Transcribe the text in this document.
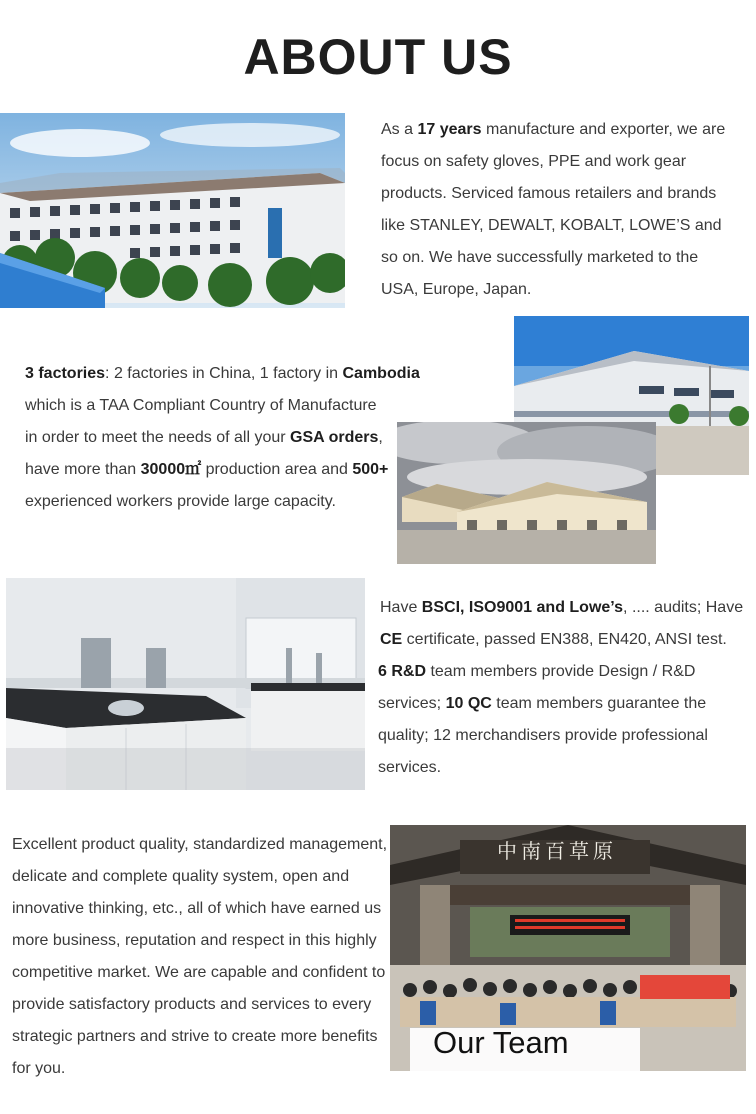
ABOUT US
As a 17 years manufacture and exporter, we are
focus on safety gloves, PPE and work gear
products. Serviced famous retailers and brands
like STANLEY, DEWALT, KOBALT, LOWE’S and
so on. We have successfully marketed to the
USA, Europe, Japan.
3 factories: 2 factories in China, 1 factory in Cambodia
which is a TAA Compliant Country of Manufacture
in order to meet the needs of all your GSA orders,
have more than 30000㎡ production area and 500+
experienced workers provide large capacity.
Have BSCI, ISO9001 and Lowe’s, .... audits; Have
CE certificate, passed EN388, EN420, ANSI test.
6 R&D team members provide Design / R&D
services; 10 QC team members guarantee the
quality; 12 merchandisers provide professional
services.
Excellent product quality, standardized management,
delicate and complete quality system, open and
innovative thinking, etc., all of which have earned us
more business, reputation and respect in this highly
competitive market. We are capable and confident to
provide satisfactory products and services to every
strategic partners and strive to create more benefits
for you.
中南百草原
Our Team
